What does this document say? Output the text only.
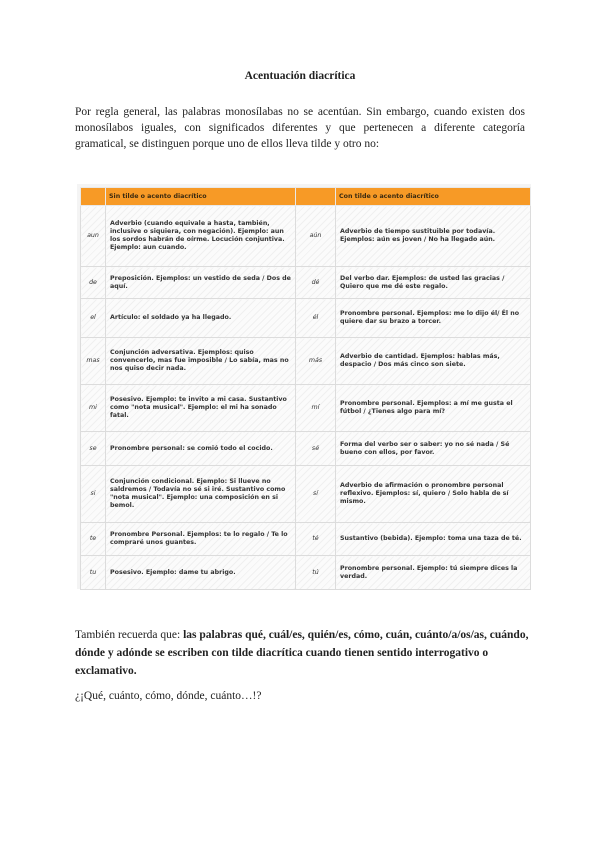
Acentuación diacrítica

Por regla general, las palabras monosílabas no se acentúan. Sin embargo, cuando existen dos monosílabos iguales, con significados diferentes y que pertenecen a diferente categoría gramatical, se distinguen porque uno de ellos lleva tilde y otro no:

	Sin tilde o acento diacrítico		Con tilde o acento diacrítico
aun	Adverbio (cuando equivale a hasta, también, inclusive o siquiera, con negación). Ejemplo: aun los sordos habrán de oírme. Locución conjuntiva. Ejemplo: aun cuando.	aún	Adverbio de tiempo sustituible por todavía. Ejemplos: aún es joven / No ha llegado aún.
de	Preposición. Ejemplos: un vestido de seda / Dos de aquí.	dé	Del verbo dar. Ejemplos: de usted las gracias / Quiero que me dé este regalo.
el	Artículo: el soldado ya ha llegado.	él	Pronombre personal. Ejemplos: me lo dijo él/ Él no quiere dar su brazo a torcer.
mas	Conjunción adversativa. Ejemplos: quiso convencerlo, mas fue imposible / Lo sabía, mas no nos quiso decir nada.	más	Adverbio de cantidad. Ejemplos: hablas más, despacio / Dos más cinco son siete.
mi	Posesivo. Ejemplo: te invito a mi casa. Sustantivo como "nota musical". Ejemplo: el mi ha sonado fatal.	mí	Pronombre personal. Ejemplos: a mí me gusta el fútbol / ¿Tienes algo para mí?
se	Pronombre personal: se comió todo el cocido.	sé	Forma del verbo ser o saber: yo no sé nada / Sé bueno con ellos, por favor.
si	Conjunción condicional. Ejemplo: Si llueve no saldremos / Todavía no sé si iré. Sustantivo como "nota musical". Ejemplo: una composición en si bemol.	sí	Adverbio de afirmación o pronombre personal reflexivo. Ejemplos: sí, quiero / Solo habla de sí mismo.
te	Pronombre Personal. Ejemplos: te lo regalo / Te lo compraré unos guantes.	té	Sustantivo (bebida). Ejemplo: toma una taza de té.
tu	Posesivo. Ejemplo: dame tu abrigo.	tú	Pronombre personal. Ejemplo: tú siempre dices la verdad.

También recuerda que: las palabras qué, cuál/es, quién/es, cómo, cuán, cuánto/a/os/as, cuándo, dónde y adónde se escriben con tilde diacrítica cuando tienen sentido interrogativo o exclamativo.

¿¡Qué, cuánto, cómo, dónde, cuánto…!?
